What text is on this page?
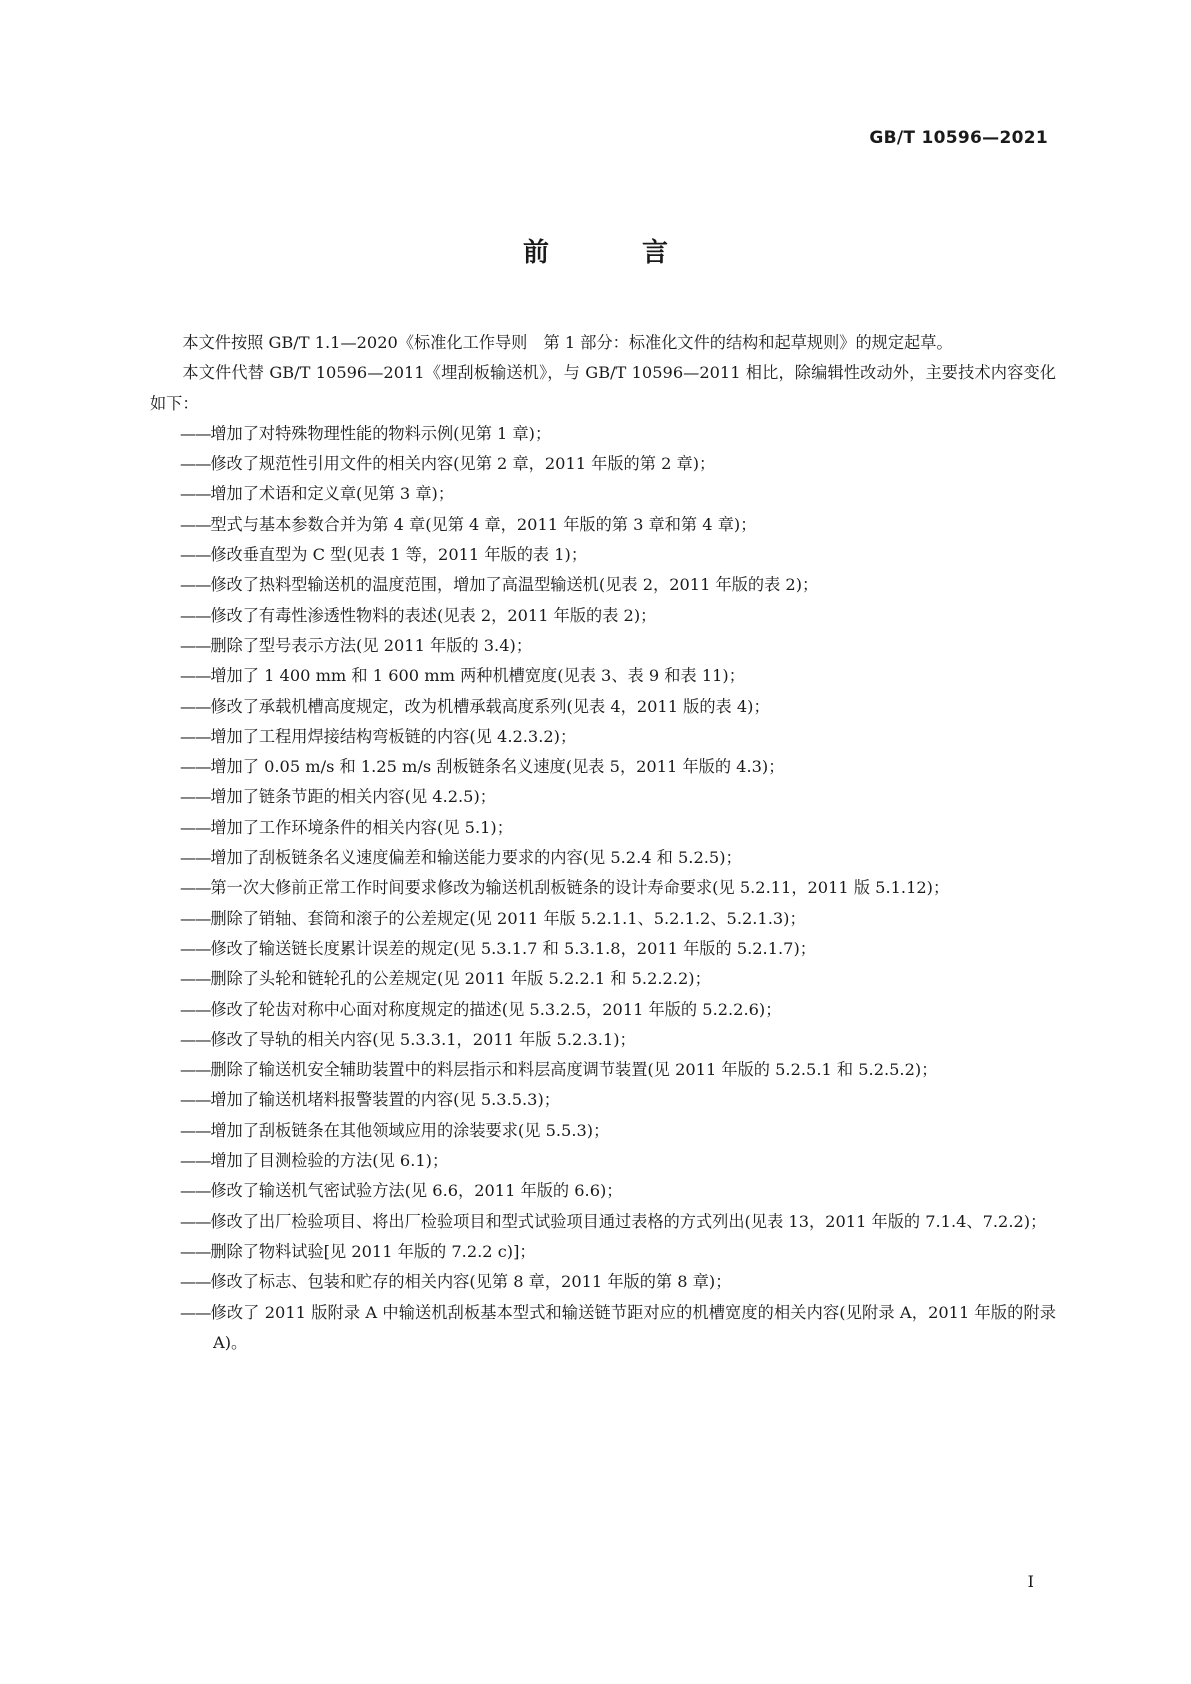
GB/T 10596—2021
前 言

本文件按照 GB/T 1.1—2020《标准化工作导则　第 1 部分：标准化文件的结构和起草规则》的规定起草。

本文件代替 GB/T 10596—2011《埋刮板输送机》，与 GB/T 10596—2011 相比，除编辑性改动外，主要技术内容变化如下：

——增加了对特殊物理性能的物料示例(见第 1 章)；

——修改了规范性引用文件的相关内容(见第 2 章，2011 年版的第 2 章)；

——增加了术语和定义章(见第 3 章)；

——型式与基本参数合并为第 4 章(见第 4 章，2011 年版的第 3 章和第 4 章)；

——修改垂直型为 C 型(见表 1 等，2011 年版的表 1)；

——修改了热料型输送机的温度范围，增加了高温型输送机(见表 2，2011 年版的表 2)；

——修改了有毒性渗透性物料的表述(见表 2，2011 年版的表 2)；

——删除了型号表示方法(见 2011 年版的 3.4)；

——增加了 1 400 mm 和 1 600 mm 两种机槽宽度(见表 3、表 9 和表 11)；

——修改了承载机槽高度规定，改为机槽承载高度系列(见表 4，2011 版的表 4)；

——增加了工程用焊接结构弯板链的内容(见 4.2.3.2)；

——增加了 0.05 m/s 和 1.25 m/s 刮板链条名义速度(见表 5，2011 年版的 4.3)；

——增加了链条节距的相关内容(见 4.2.5)；

——增加了工作环境条件的相关内容(见 5.1)；

——增加了刮板链条名义速度偏差和输送能力要求的内容(见 5.2.4 和 5.2.5)；

——第一次大修前正常工作时间要求修改为输送机刮板链条的设计寿命要求(见 5.2.11，2011 版 5.1.12)；

——删除了销轴、套筒和滚子的公差规定(见 2011 年版 5.2.1.1、5.2.1.2、5.2.1.3)；

——修改了输送链长度累计误差的规定(见 5.3.1.7 和 5.3.1.8，2011 年版的 5.2.1.7)；

——删除了头轮和链轮孔的公差规定(见 2011 年版 5.2.2.1 和 5.2.2.2)；

——修改了轮齿对称中心面对称度规定的描述(见 5.3.2.5，2011 年版的 5.2.2.6)；

——修改了导轨的相关内容(见 5.3.3.1，2011 年版 5.2.3.1)；

——删除了输送机安全辅助装置中的料层指示和料层高度调节装置(见 2011 年版的 5.2.5.1 和 5.2.5.2)；

——增加了输送机堵料报警装置的内容(见 5.3.5.3)；

——增加了刮板链条在其他领域应用的涂装要求(见 5.5.3)；

——增加了目测检验的方法(见 6.1)；

——修改了输送机气密试验方法(见 6.6，2011 年版的 6.6)；

——修改了出厂检验项目、将出厂检验项目和型式试验项目通过表格的方式列出(见表 13，2011 年版的 7.1.4、7.2.2)；

——删除了物料试验[见 2011 年版的 7.2.2 c)]；

——修改了标志、包装和贮存的相关内容(见第 8 章，2011 年版的第 8 章)；

——修改了 2011 版附录 A 中输送机刮板基本型式和输送链节距对应的机槽宽度的相关内容(见附录 A，2011 年版的附录 A)。

I
